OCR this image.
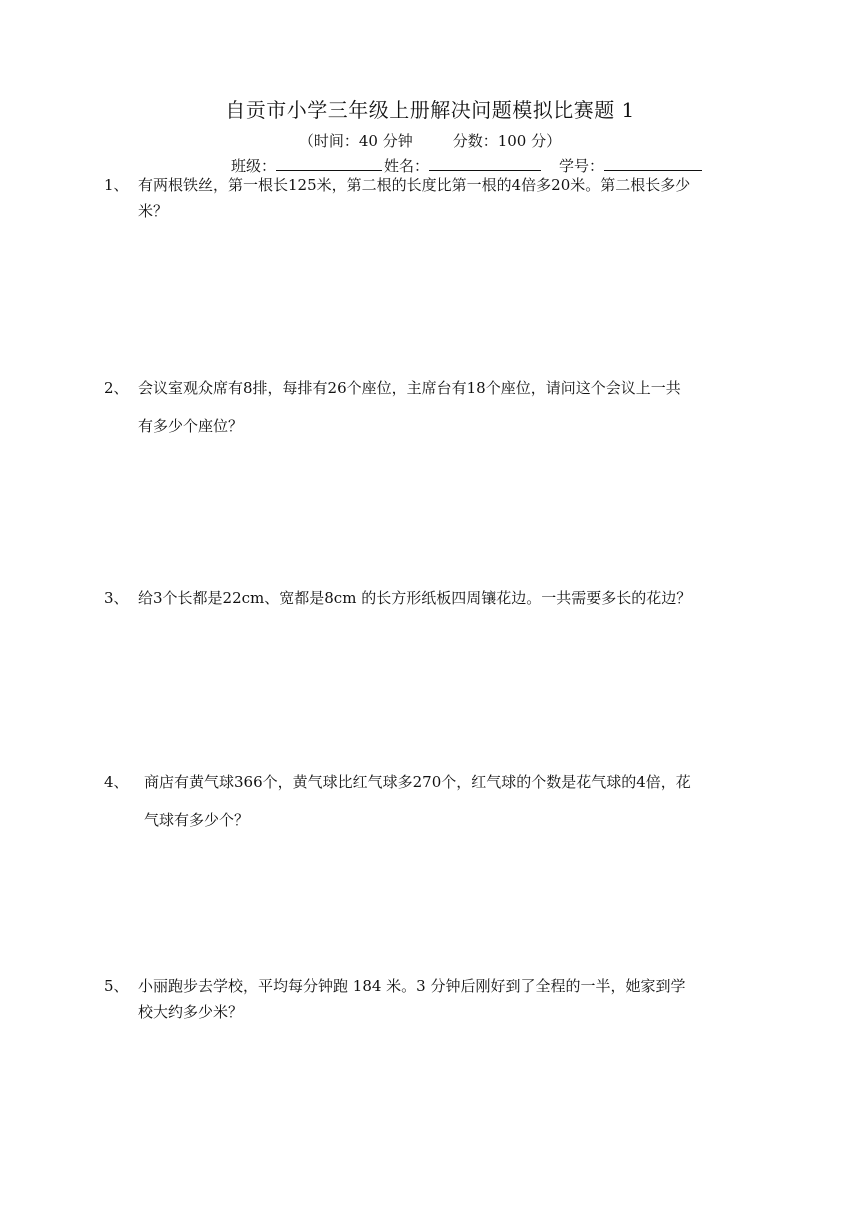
自贡市小学三年级上册解决问题模拟比赛题 1
（时间：40 分钟	分数：100 分）
班级：	姓名：	学号：
1、 有两根铁丝，第一根长125米，第二根的长度比第一根的4倍多20米。第二根长多少
米？
2、 会议室观众席有8排，每排有26个座位，主席台有18个座位，请问这个会议上一共
有多少个座位？
3、 给3个长都是22cm、宽都是8cm 的长方形纸板四周镶花边。一共需要多长的花边？
4、 商店有黄气球366个，黄气球比红气球多270个，红气球的个数是花气球的4倍，花
气球有多少个？
5、 小丽跑步去学校，平均每分钟跑 184 米。3 分钟后刚好到了全程的一半，她家到学
校大约多少米？
